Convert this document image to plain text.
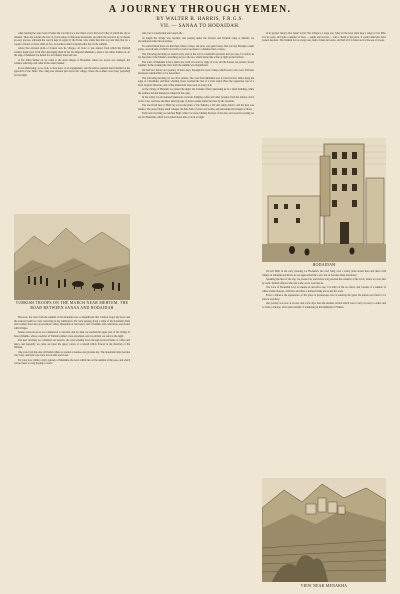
A JOURNEY THROUGH YEMEN.

BY WALTER B. HARRIS, F.R.G.S.

VII. — SANAA TO HODAIDAH.

After leaving the outer wall of Sanaa the road lies for a few miles across the level valley in which the city is situated. Then one reaches the foot of a bold range of limestone mountains, up which the ascent is by no means an easy process, although the road is kept in repair by the Turks. One winds first this way and then that for a couple of hours or more, until, in fact, is reached a kind of plateau that lies on the summit.

About this elevated plain of broken rock lie villages, all more or less ruined, from which the Turkish soldiers made sport from after dislodging them in the last Imperial Medinah, a plain a few miles farther on. At the edge of Mematal we halted for our midday meal and rest.

A few miles farther on we came to the Arab village of Hodaidah, where our escort was changed, the soldiers relieving each other in the usual manner.

It was distressing, as we rode, to hear news of an engagement, and the natives seemed much alarmed at the approach of the Turks. The camp was situated just above the village, where the soldiers were busy preparing for the night.

side, but so lonely their one forgets the ...

At length the village was reached, and passing under the fortress and Turkish camp at Mettah, we encountered some rain in earnest.

For some fifteen hours we marched a mile or more, the snow was quite lonely. Our road lay through a small gorge, on each side of which vast walls of rock rose sheer to a hundred feet or more.

The following morning we started early, and on the road a wonderful spectacle met our eyes, for before us lay the plain of the Tehama, stretching away to the sea, which shone like a line of light on the horizon.

The town of Menakha is but a small one, built on a narrow ridge of rock, and the houses are packed closely together. In the evening the view from the summit was magnificent.

We had now before us a journey of three days, through the lower valleys which lead to the coast. The heat increased considerably as we descended.

The following morning we set off at sunrise. The road from Menakha rose for the first few miles along the edge of a mountain, and then, winding down, reached the bed of a wide valley. Here the vegetation was of a more tropical character, and coffee plantations were seen on every side.

At the village of Hajaileh we passed the night, the Turkish officer quartering us in a small building, while the soldiers and the muleteers camped in the open.

In the valley we encountered numerous caravans bringing coffee and other produce from the interior down to the coast, and here and there small groups of Arabs resting under the trees by the roadside.

The road from here to Bajil lay across the plain of the Tehama, a flat and sandy district, and the heat was intense. We passed many small villages, the huts built of straw and wattle, and surrounded by hedges of thorn.

Early next morning we reached Bajil, where we rested during the heat of the day, and towards evening set out for Hodaidah, which we reached about nine o'clock at night.

in no greater luxury after desert travel. The village is a large one, lying on the level plain near a range of low hills. It is an oasis, and quite a number of trees — palms and acacias — add a charm to the place. It would otherwise have looked desolate. The Turkish fort is a large one, built of mud and stone, and half of it is fitted out for the use of troops.

HODAIDAH

We left Bajil in the early morning for Hodaidah, the road lying over a sandy plain dotted here and there with clumps of tamarisk and thorn. As we approached the coast, the air became damp and heavy.

Speaking the heat of the day, we pressed on, and before long reached the outskirts of the town, where we were met by some Turkish officers who had come out to welcome us.

The town of Hodaidah is by no means an attractive one; it is built on the sea shore, and consists of a number of white-washed houses, with here and there a minaret rising above the flat roofs.

From a distance the appearance of the place is picturesque, but on entering the gates the streets are found to be narrow and dirty.

Our journey was now at an end, and a few days later the steamer arrived which was to carry us away to Aden, and so back to Europe, after some months of wandering in the highlands of Yemen.

TURKISH TROOPS ON THE MARCH NEAR MEHTEM, THE ROAD BETWEEN SANAA AND HODAIDAH

However, the view from the summit of the mountain was so magnificent that I almost forgot my fever and the awkward path we were traversing in my admiration. We were passing along a ridge of the mountain chain and looking down into an enormous valley, thousands of feet below, full of hamlets and cultivation, and dotted with villages.

Sunset overtook us as we commenced to descend, and by dusk we reached the upper part of the village of Suk el Khamis, where a number of Turkish soldiers were encamped, and we pitched our tent for the night.

The next morning we continued our descent, the road winding down through terraced fields of coffee and durra, and presently we came out upon the upper waters of a stream which flowed in the direction of the Tehama.

One took from the side of Khamis when we started at sunrise one glorious day. The mountain range became very lofty, and their tops were lost in mist and cloud.

We were now within a day's journey of Menakha, the town which lies on the summit of the pass, and which we had been so long hoping to reach.

VIEW NEAR MENAKHA
